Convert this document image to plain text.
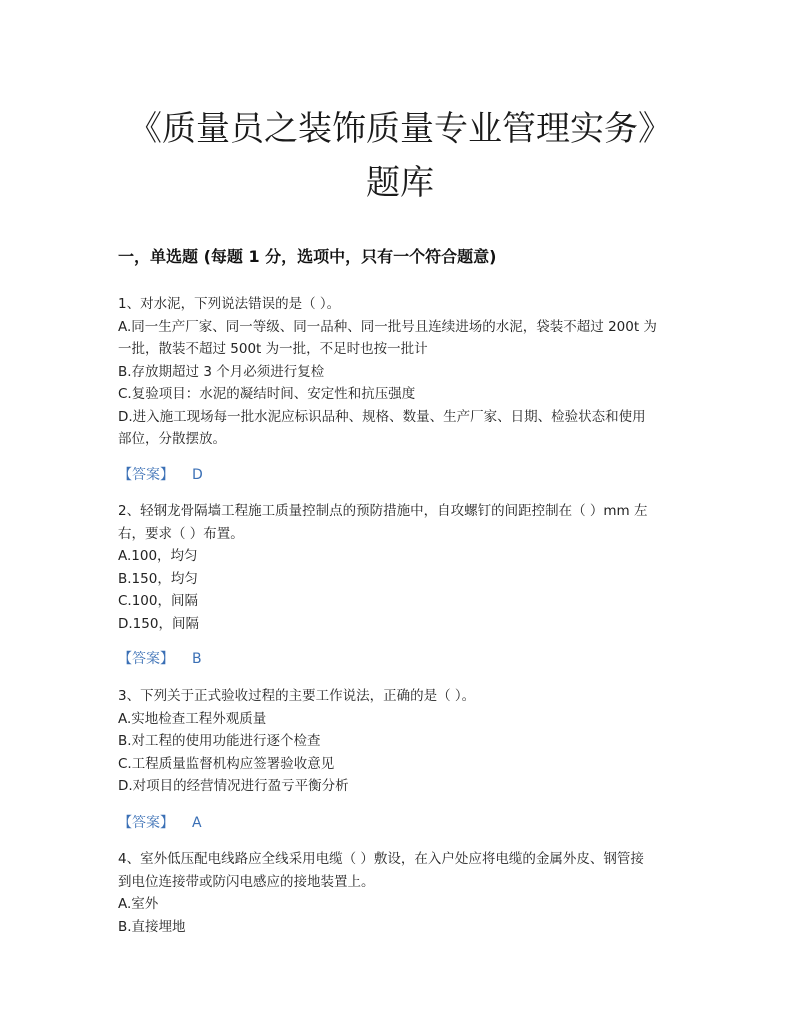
《质量员之装饰质量专业管理实务》
题库
一，单选题 (每题 1 分，选项中，只有一个符合题意)
1、对水泥，下列说法错误的是（ ）。
A.同一生产厂家、同一等级、同一品种、同一批号且连续进场的水泥，袋装不超过 200t 为
一批，散装不超过 500t 为一批，不足时也按一批计
B.存放期超过 3 个月必须进行复检
C.复验项目：水泥的凝结时间、安定性和抗压强度
D.进入施工现场每一批水泥应标识品种、规格、数量、生产厂家、日期、检验状态和使用
部位，分散摆放。
【答案】 D
2、轻钢龙骨隔墙工程施工质量控制点的预防措施中，自攻螺钉的间距控制在（ ）mm 左
右，要求（ ）布置。
A.100，均匀
B.150，均匀
C.100，间隔
D.150，间隔
【答案】 B
3、下列关于正式验收过程的主要工作说法，正确的是（ ）。
A.实地检查工程外观质量
B.对工程的使用功能进行逐个检查
C.工程质量监督机构应签署验收意见
D.对项目的经营情况进行盈亏平衡分析
【答案】 A
4、室外低压配电线路应全线采用电缆（ ）敷设，在入户处应将电缆的金属外皮、钢管接
到电位连接带或防闪电感应的接地装置上。
A.室外
B.直接埋地
